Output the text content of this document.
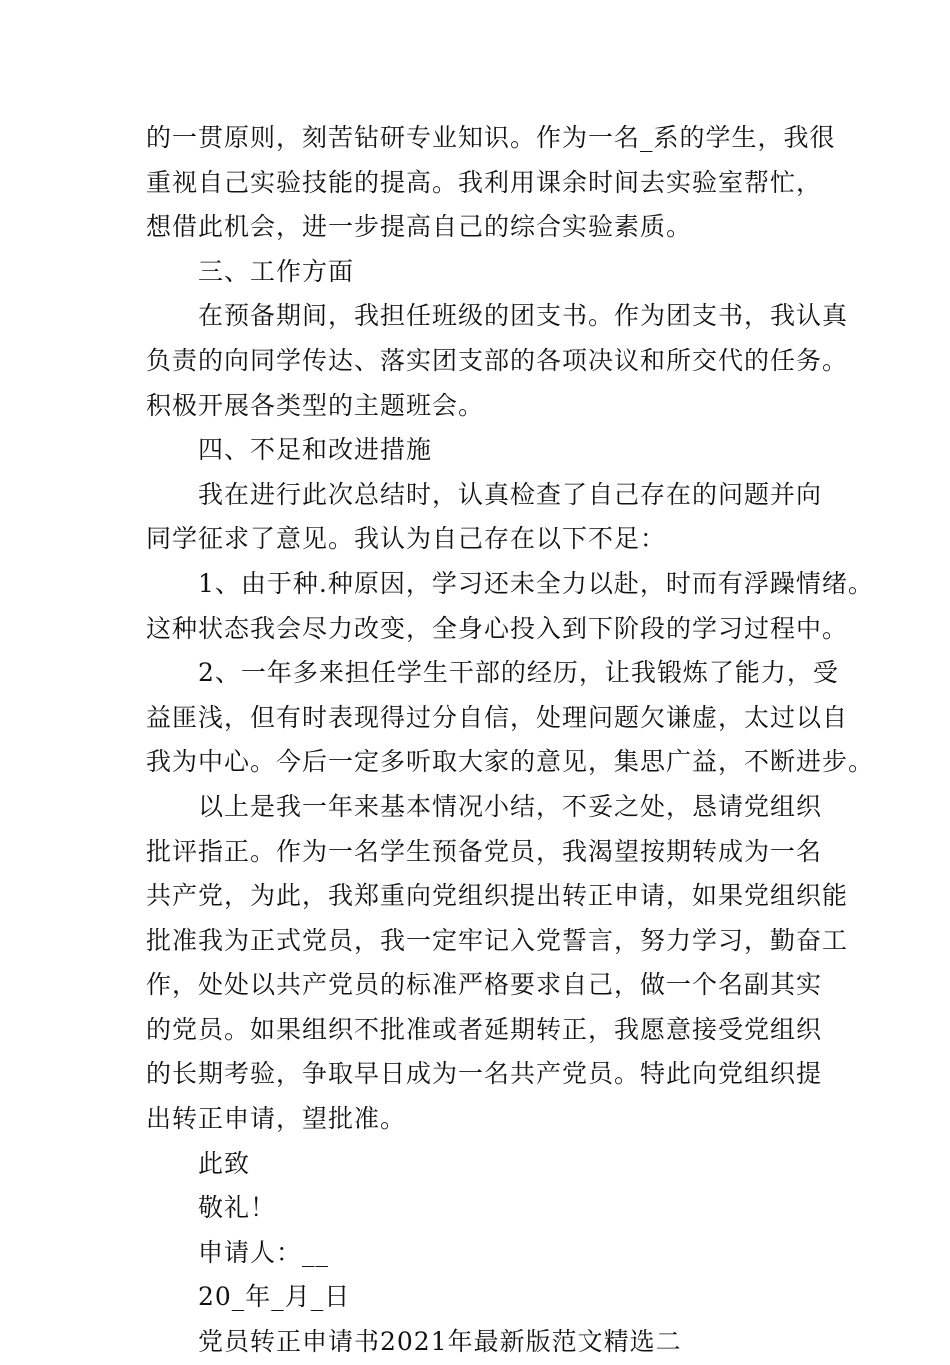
的一贯原则，刻苦钻研专业知识。作为一名_系的学生，我很
重视自己实验技能的提高。我利用课余时间去实验室帮忙，
想借此机会，进一步提高自己的综合实验素质。
三、工作方面
在预备期间，我担任班级的团支书。作为团支书，我认真
负责的向同学传达、落实团支部的各项决议和所交代的任务。
积极开展各类型的主题班会。
四、不足和改进措施
我在进行此次总结时，认真检查了自己存在的问题并向
同学征求了意见。我认为自己存在以下不足：
1、由于种.种原因，学习还未全力以赴，时而有浮躁情绪。
这种状态我会尽力改变，全身心投入到下阶段的学习过程中。
2、一年多来担任学生干部的经历，让我锻炼了能力，受
益匪浅，但有时表现得过分自信，处理问题欠谦虚，太过以自
我为中心。今后一定多听取大家的意见，集思广益，不断进步。
以上是我一年来基本情况小结，不妥之处，恳请党组织
批评指正。作为一名学生预备党员，我渴望按期转成为一名
共产党，为此，我郑重向党组织提出转正申请，如果党组织能
批准我为正式党员，我一定牢记入党誓言，努力学习，勤奋工
作，处处以共产党员的标准严格要求自己，做一个名副其实
的党员。如果组织不批准或者延期转正，我愿意接受党组织
的长期考验，争取早日成为一名共产党员。特此向党组织提
出转正申请，望批准。
此致
敬礼！
申请人：__
20_年_月_日
党员转正申请书2021年最新版范文精选二
